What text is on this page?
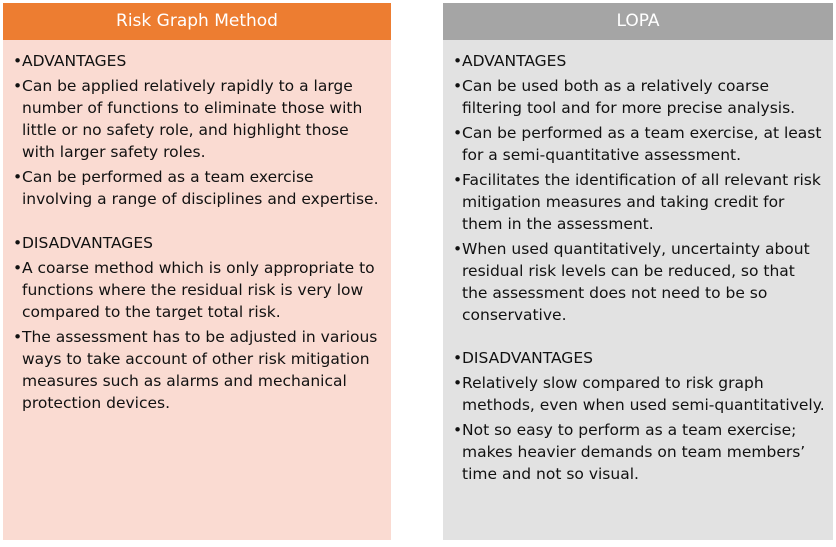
Risk Graph Method
• ADVANTAGES
• Can be applied relatively rapidly to a large number of functions to eliminate those with little or no safety role, and highlight those with larger safety roles.
• Can be performed as a team exercise involving a range of disciplines and expertise.
• DISADVANTAGES
• A coarse method which is only appropriate to functions where the residual risk is very low compared to the target total risk.
• The assessment has to be adjusted in various ways to take account of other risk mitigation measures such as alarms and mechanical protection devices.
LOPA
• ADVANTAGES
• Can be used both as a relatively coarse filtering tool and for more precise analysis.
• Can be performed as a team exercise, at least for a semi-quantitative assessment.
• Facilitates the identification of all relevant risk mitigation measures and taking credit for them in the assessment.
• When used quantitatively, uncertainty about residual risk levels can be reduced, so that the assessment does not need to be so conservative.
• DISADVANTAGES
• Relatively slow compared to risk graph methods, even when used semi-quantitatively.
• Not so easy to perform as a team exercise; makes heavier demands on team members’ time and not so visual.
